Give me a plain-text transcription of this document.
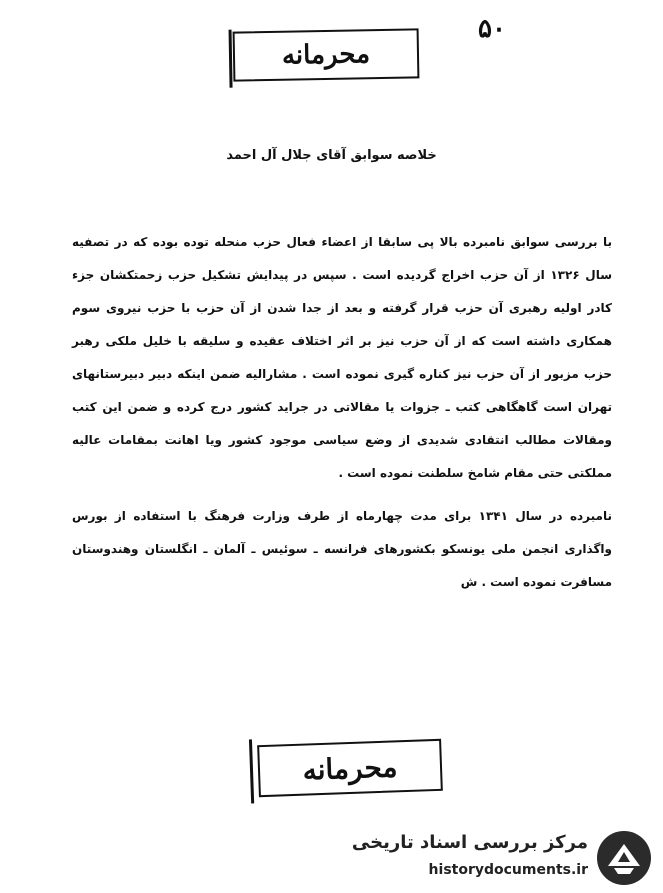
۵۰
محرمانه
خلاصه سوابق آقای جلال آل احمد

با بررسی سوابق نامبرده بالا پی سابقا از اعضاء فعال حزب منحله توده بوده که در تصفیه سال ۱۳۲۶ از آن حزب اخراج گردیده است . سپس در پیدایش تشکیل حزب زحمتکشان جزء کادر اولیه رهبری آن حزب قرار گرفته و بعد از جدا شدن از آن حزب با حزب نیروی سوم همکاری داشته است که از آن حزب نیز بر اثر اختلاف عقیده و سلیقه با خلیل ملکی رهبر حزب مزبور از آن حزب نیز کناره گیری نموده است . مشارالیه ضمن اینکه دبیر دبیرستانهای تهران است گاهگاهی کتب ـ جزوات یا مقالاتی در جراید کشور درج کرده و ضمن این کتب ومقالات مطالب انتقادی شدیدی از وضع سیاسی موجود کشور ویا اهانت بمقامات عالیه مملکتی حتی مقام شامخ سلطنت نموده است .

نامبرده در سال ۱۳۴۱ برای مدت چهارماه از طرف وزارت فرهنگ با استفاده از بورس واگذاری انجمن ملی یونسکو بکشورهای فرانسه ـ سوئیس ـ آلمان ـ انگلستان وهندوستان مسافرت نموده است . ش

محرمانه
مرکز بررسی اسناد تاریخی
historydocuments.ir
